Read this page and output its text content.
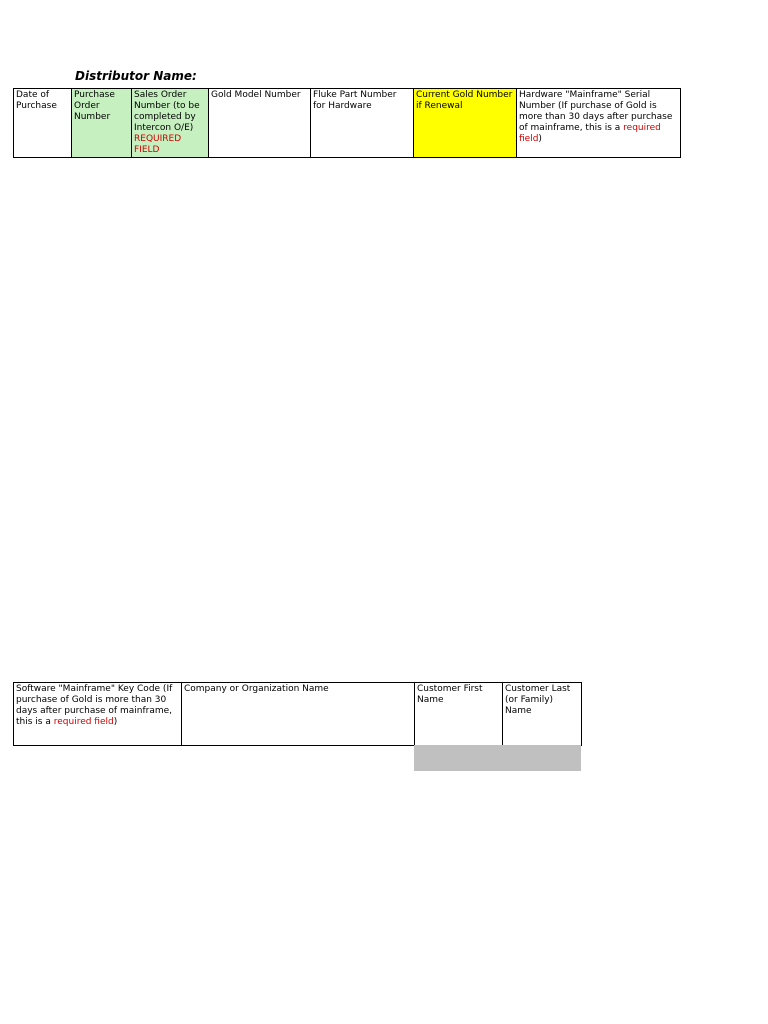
Distributor Name:
Date of Purchase	Purchase Order Number	Sales Order Number (to be completed by Intercon O/E) REQUIRED FIELD	Gold Model Number	Fluke Part Number for Hardware	Current Gold Number if Renewal	Hardware "Mainframe" Serial Number (If purchase of Gold is more than 30 days after purchase of mainframe, this is a required field)
Software "Mainframe" Key Code (If purchase of Gold is more than 30 days after purchase of mainframe, this is a required field)	Company or Organization Name	Customer First Name	Customer Last (or Family) Name
